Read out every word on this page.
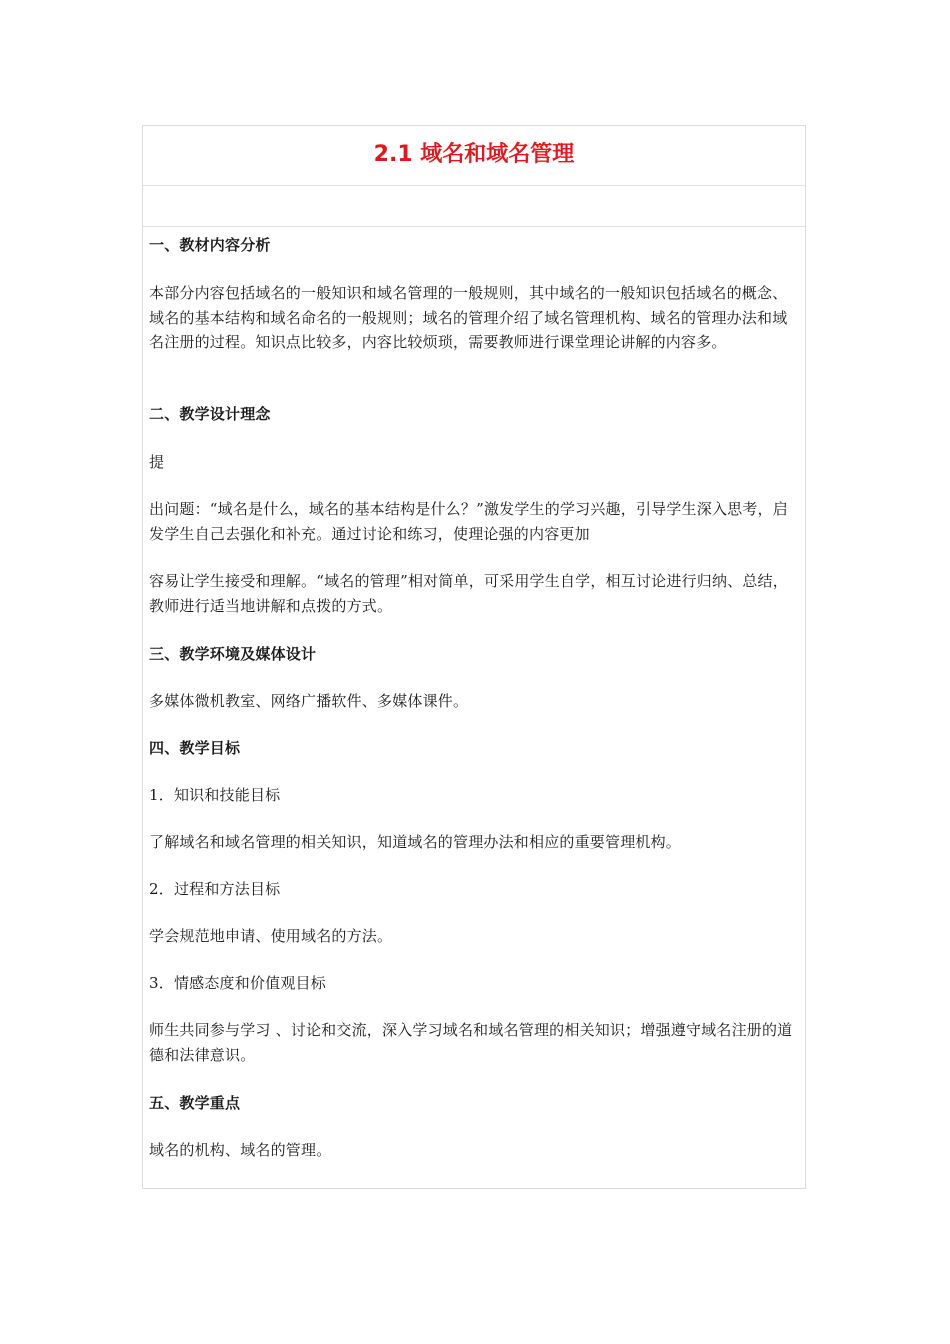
2.1 域名和域名管理

一、教材内容分析

本部分内容包括域名的一般知识和域名管理的一般规则，其中域名的一般知识包括域名的概念、域名的基本结构和域名命名的一般规则；域名的管理介绍了域名管理机构、域名的管理办法和域名注册的过程。知识点比较多，内容比较烦琐，需要教师进行课堂理论讲解的内容多。

二、教学设计理念

提

出问题：“域名是什么，域名的基本结构是什么？”激发学生的学习兴趣，引导学生深入思考，启发学生自己去强化和补充。通过讨论和练习，使理论强的内容更加

容易让学生接受和理解。“域名的管理”相对简单，可采用学生自学，相互讨论进行归纳、总结，教师进行适当地讲解和点拨的方式。

三、教学环境及媒体设计

多媒体微机教室、网络广播软件、多媒体课件。

四、教学目标

1．知识和技能目标

了解域名和域名管理的相关知识，知道域名的管理办法和相应的重要管理机构。

2．过程和方法目标

学会规范地申请、使用域名的方法。

3．情感态度和价值观目标

师生共同参与学习 、讨论和交流，深入学习域名和域名管理的相关知识；增强遵守域名注册的道德和法律意识。

五、教学重点

域名的机构、域名的管理。
